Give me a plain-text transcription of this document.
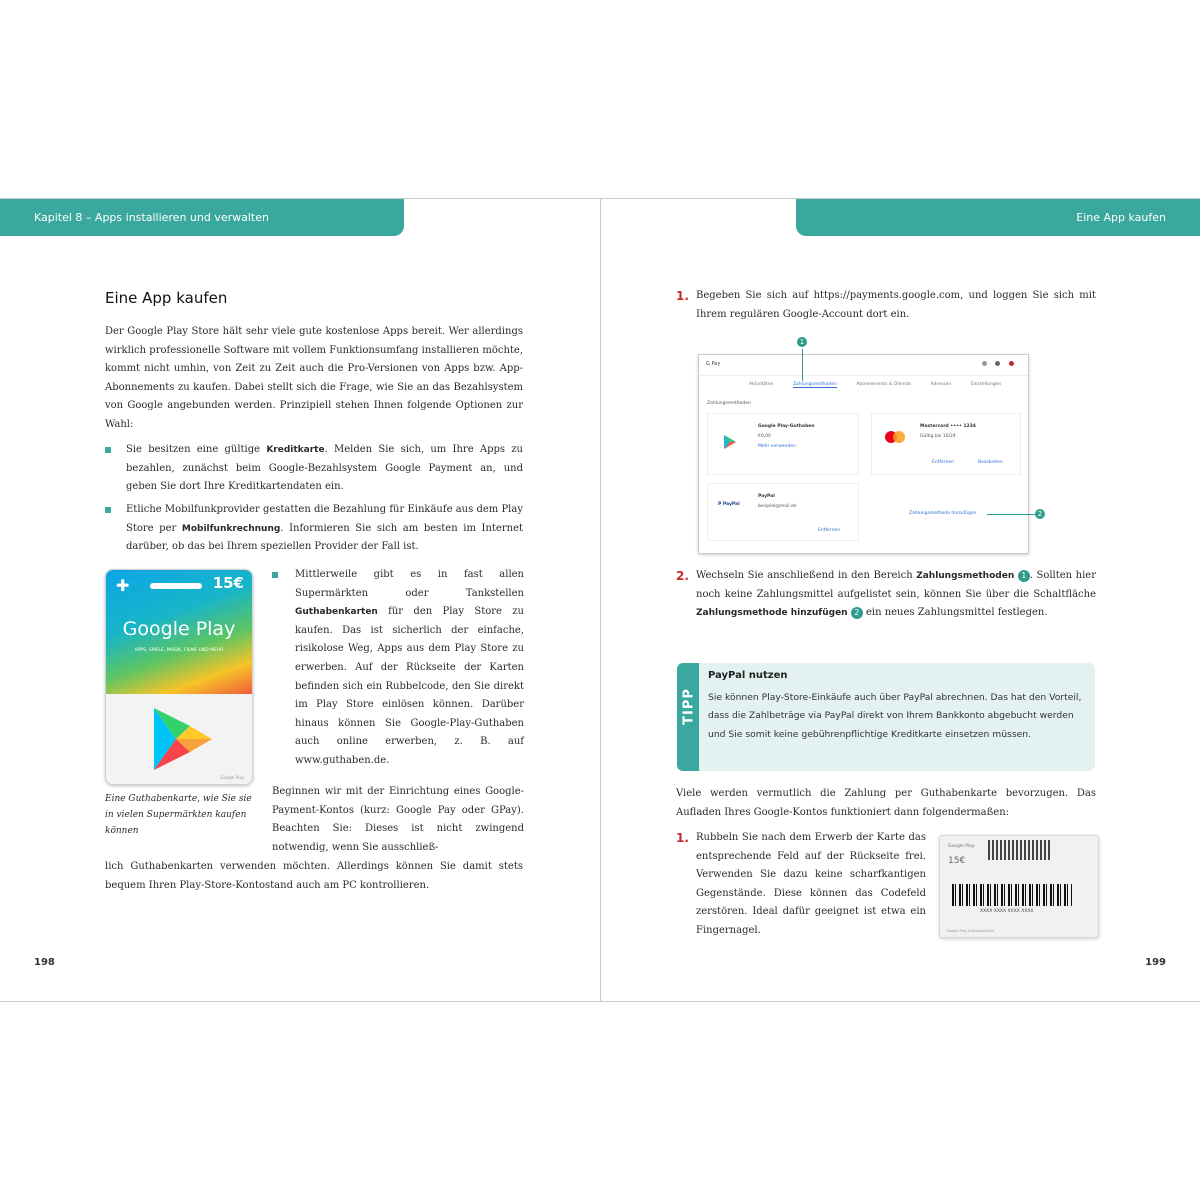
Kapitel 8 – Apps installieren und verwalten
Eine App kaufen
Der Google Play Store hält sehr viele gute kostenlose Apps bereit. Wer allerdings wirklich professionelle Software mit vollem Funktionsumfang installieren möchte, kommt nicht umhin, von Zeit zu Zeit auch die Pro-Versionen von Apps bzw. App-Abonnements zu kaufen. Dabei stellt sich die Frage, wie Sie an das Bezahlsystem von Google angebunden werden. Prinzipiell stehen Ihnen folgende Optionen zur Wahl:
Sie besitzen eine gültige Kreditkarte. Melden Sie sich, um Ihre Apps zu bezahlen, zunächst beim Google-Bezahlsystem Google Payment an, und geben Sie dort Ihre Kreditkartendaten ein.
Etliche Mobilfunkprovider gestatten die Bezahlung für Einkäufe aus dem Play Store per Mobilfunkrechnung. Informieren Sie sich am besten im Internet darüber, ob das bei Ihrem speziellen Provider der Fall ist.
✚	15€
Google Play
APPS, SPIELE, MUSIK, FILME UND MEHR
Google Play
Mittlerweile gibt es in fast allen Supermärkten oder Tankstellen Guthabenkarten für den Play Store zu kaufen. Das ist sicherlich der einfache, risikolose Weg, Apps aus dem Play Store zu erwerben. Auf der Rückseite der Karten befinden sich ein Rubbelcode, den Sie direkt im Play Store einlösen können. Darüber hinaus können Sie Google-Play-Guthaben auch online erwerben, z. B. auf www.guthaben.de.
Eine Guthabenkarte, wie Sie sie in vielen Supermärkten kaufen können
Beginnen wir mit der Einrichtung eines Google-Payment-Kontos (kurz: Google Pay oder GPay). Beachten Sie: Dieses ist nicht zwingend notwendig, wenn Sie ausschließ-
lich Guthabenkarten verwenden möchten. Allerdings können Sie damit stets bequem Ihren Play-Store-Kontostand auch am PC kontrollieren.
198
Eine App kaufen
1. Begeben Sie sich auf https://payments.google.com, und loggen Sie sich mit Ihrem regulären Google-Account dort ein.
G Pay
Aktivitäten	Zahlungsmethoden	Abonnements & Dienste	Adressen	Einstellungen
Zahlungsmethoden
Google Play-Guthaben
€0,00
Mehr verwenden
Mastercard •••• 1234
Gültig bis 10/24
Entfernen	Bearbeiten
P PayPal
PayPal
beispiel@mail.de
Entfernen
Zahlungsmethode hinzufügen
1
2
2. Wechseln Sie anschließend in den Bereich Zahlungsmethoden 1 . Sollten hier noch keine Zahlungsmittel aufgelistet sein, können Sie über die Schaltfläche Zahlungsmethode hinzufügen 2 ein neues Zahlungsmittel festlegen.
TIPP
PayPal nutzen
Sie können Play-Store-Einkäufe auch über PayPal abrechnen. Das hat den Vorteil, dass die Zahlbeträge via PayPal direkt von Ihrem Bankkonto abgebucht werden und Sie somit keine gebührenpflichtige Kreditkarte einsetzen müssen.
Viele werden vermutlich die Zahlung per Guthabenkarte bevorzugen. Das Aufladen Ihres Google-Kontos funktioniert dann folgendermaßen:
1. Rubbeln Sie nach dem Erwerb der Karte das entsprechende Feld auf der Rückseite frei. Verwenden Sie dazu keine scharfkantigen Gegenstände. Diese können das Codefeld zerstören. Ideal dafür geeignet ist etwa ein Fingernagel.
Google Play
15€
XXXX XXXX XXXX XXXX
Google Play Guthabenkarte
199
